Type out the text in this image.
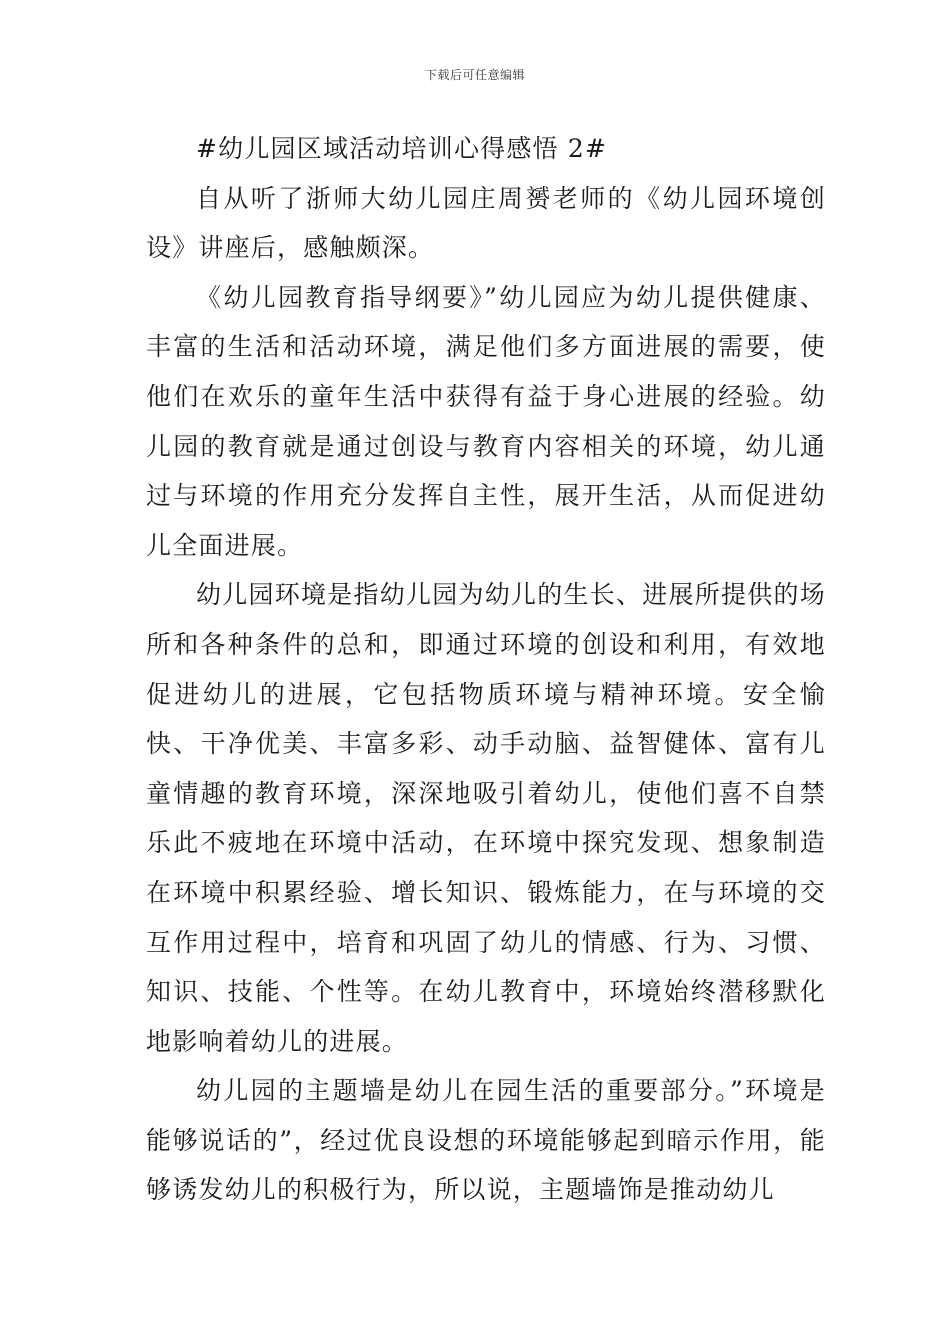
下载后可任意编辑
#幼儿园区域活动培训心得感悟 2#

自从听了浙师大幼儿园庄周赟老师的《幼儿园环境创设》讲座后，感触颇深。

《幼儿园教育指导纲要》”幼儿园应为幼儿提供健康、丰富的生活和活动环境，满足他们多方面进展的需要，使他们在欢乐的童年生活中获得有益于身心进展的经验。幼儿园的教育就是通过创设与教育内容相关的环境，幼儿通过与环境的作用充分发挥自主性，展开生活，从而促进幼儿全面进展。

幼儿园环境是指幼儿园为幼儿的生长、进展所提供的场所和各种条件的总和，即通过环境的创设和利用，有效地促进幼儿的进展，它包括物质环境与精神环境。安全愉快、干净优美、丰富多彩、动手动脑、益智健体、富有儿童情趣的教育环境，深深地吸引着幼儿，使他们喜不自禁乐此不疲地在环境中活动，在环境中探究发现、想象制造在环境中积累经验、增长知识、锻炼能力，在与环境的交互作用过程中，培育和巩固了幼儿的情感、行为、习惯、知识、技能、个性等。在幼儿教育中，环境始终潜移默化地影响着幼儿的进展。

幼儿园的主题墙是幼儿在园生活的重要部分。”环境是能够说话的”，经过优良设想的环境能够起到暗示作用，能够诱发幼儿的积极行为，所以说，主题墙饰是推动幼儿
